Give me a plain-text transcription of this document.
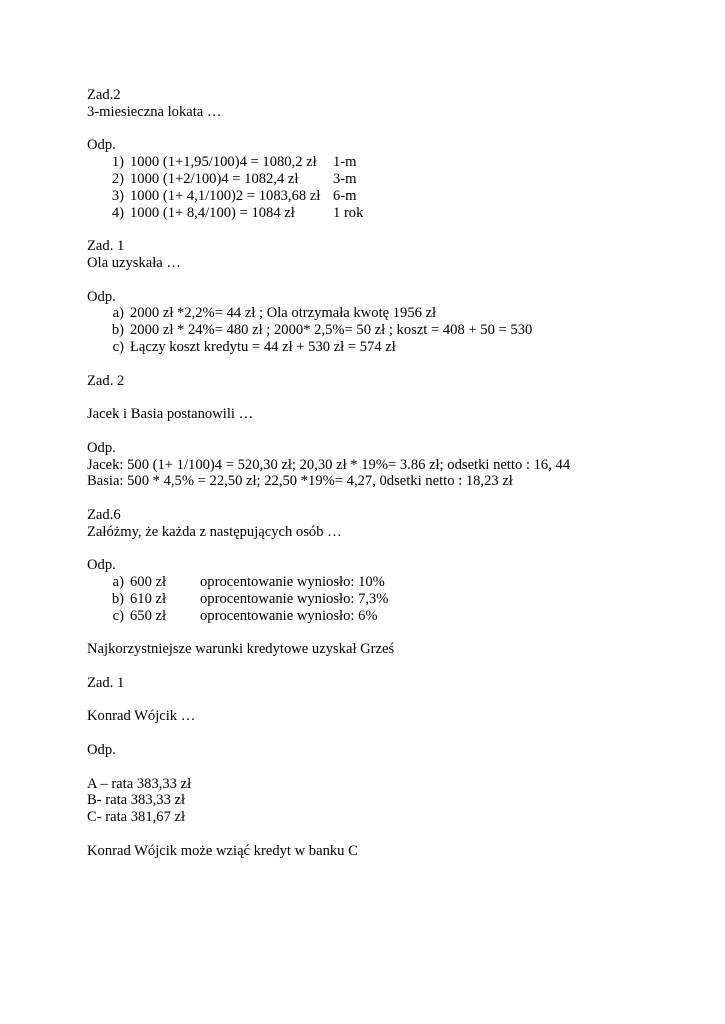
Zad.2

3-miesieczna lokata …

Odp.

1) 1000 (1+1,95/100)4 = 1080,2 zł	1-m
2) 1000 (1+2/100)4 = 1082,4 zł	3-m
3) 1000 (1+ 4,1/100)2 = 1083,68 zł 6-m
4) 1000 (1+ 8,4/100) = 1084 zł	1 rok

Zad. 1

Ola uzyskała …

Odp.

a) 2000 zł *2,2%= 44 zł ; Ola otrzymała kwotę 1956 zł
b) 2000 zł * 24%= 480 zł ; 2000* 2,5%= 50 zł ; koszt = 408 + 50 = 530
c) Łączy koszt kredytu = 44 zł + 530 zł = 574 zł

Zad. 2

Jacek i Basia postanowili …

Odp.

Jacek: 500 (1+ 1/100)4 = 520,30 zł; 20,30 zł * 19%= 3.86 zł; odsetki netto : 16, 44

Basia: 500 * 4,5% = 22,50 zł; 22,50 *19%= 4,27, 0dsetki netto : 18,23 zł

Zad.6

Załóżmy, że każda z następujących osób …

Odp.

a) 600 zł	oprocentowanie wyniosło: 10%
b) 610 zł	oprocentowanie wyniosło: 7,3%
c) 650 zł	oprocentowanie wyniosło: 6%

Najkorzystniejsze warunki kredytowe uzyskał Grześ

Zad. 1

Konrad Wójcik …

Odp.

A – rata 383,33 zł

B- rata 383,33 zł

C- rata 381,67 zł

Konrad Wójcik może wziąć kredyt w banku C
